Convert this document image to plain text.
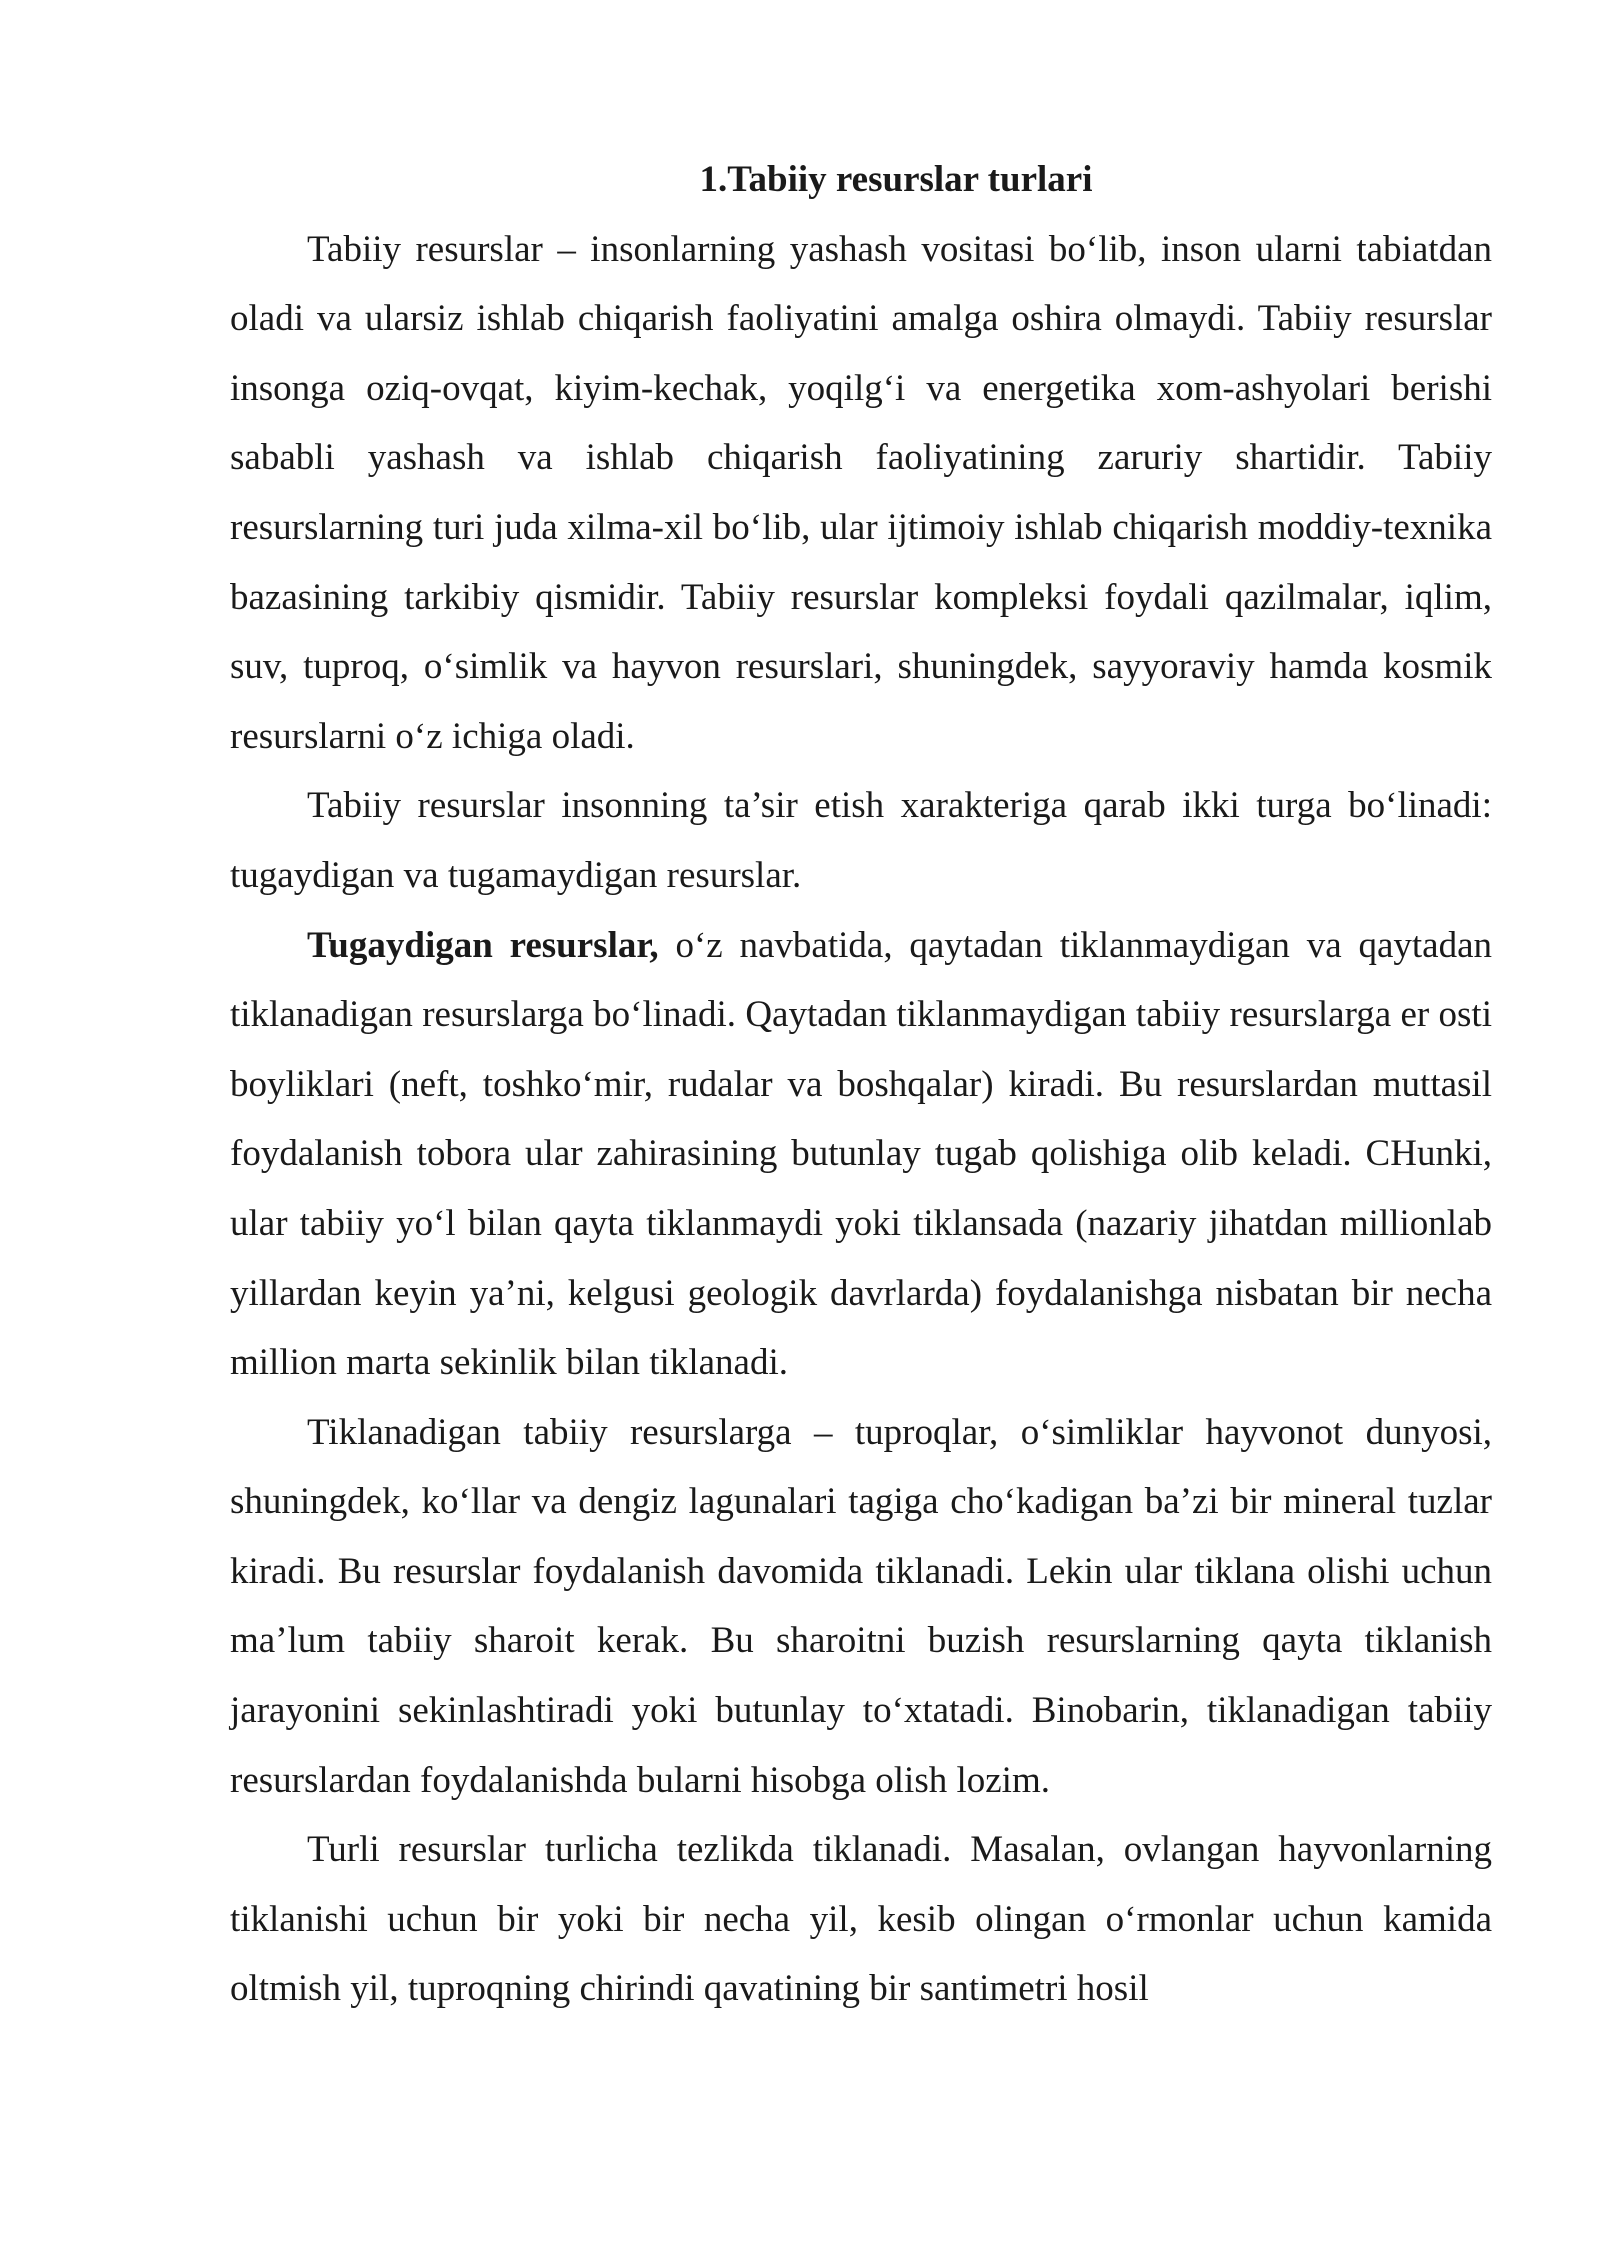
1.Tabiiy resurslar turlari

Tabiiy resurslar – insonlarning yashash vositasi bo‘lib, inson ularni tabiatdan oladi va ularsiz ishlab chiqarish faoliyatini amalga oshira olmaydi. Tabiiy resurslar insonga oziq-ovqat, kiyim-kechak, yoqilg‘i va energetika xom-ashyolari berishi sababli yashash va ishlab chiqarish faoliyatining zaruriy shartidir. Tabiiy resurslarning turi juda xilma-xil bo‘lib, ular ijtimoiy ishlab chiqarish moddiy-texnika bazasining tarkibiy qismidir. Tabiiy resurslar kompleksi foydali qazilmalar, iqlim, suv, tuproq, o‘simlik va hayvon resurslari, shuningdek, sayyoraviy hamda kosmik resurslarni o‘z ichiga oladi.

Tabiiy resurslar insonning ta’sir etish xarakteriga qarab ikki turga bo‘linadi: tugaydigan va tugamaydigan resurslar.

Tugaydigan resurslar, o‘z navbatida, qaytadan tiklanmaydigan va qaytadan tiklanadigan resurslarga bo‘linadi. Qaytadan tiklanmaydigan tabiiy resurslarga er osti boyliklari (neft, toshko‘mir, rudalar va boshqalar) kiradi. Bu resurslardan muttasil foydalanish tobora ular zahirasining butunlay tugab qolishiga olib keladi. CHunki, ular tabiiy yo‘l bilan qayta tiklanmaydi yoki tiklansada (nazariy jihatdan millionlab yillardan keyin ya’ni, kelgusi geologik davrlarda) foydalanishga nisbatan bir necha million marta sekinlik bilan tiklanadi.

Tiklanadigan tabiiy resurslarga – tuproqlar, o‘simliklar hayvonot dunyosi, shuningdek, ko‘llar va dengiz lagunalari tagiga cho‘kadigan ba’zi bir mineral tuzlar kiradi. Bu resurslar foydalanish davomida tiklanadi. Lekin ular tiklana olishi uchun ma’lum tabiiy sharoit kerak. Bu sharoitni buzish resurslarning qayta tiklanish jarayonini sekinlashtiradi yoki butunlay to‘xtatadi. Binobarin, tiklanadigan tabiiy resurslardan foydalanishda bularni hisobga olish lozim.

Turli resurslar turlicha tezlikda tiklanadi. Masalan, ovlangan hayvonlarning tiklanishi uchun bir yoki bir necha yil, kesib olingan o‘rmonlar uchun kamida oltmish yil, tuproqning chirindi qavatining bir santimetri hosil
